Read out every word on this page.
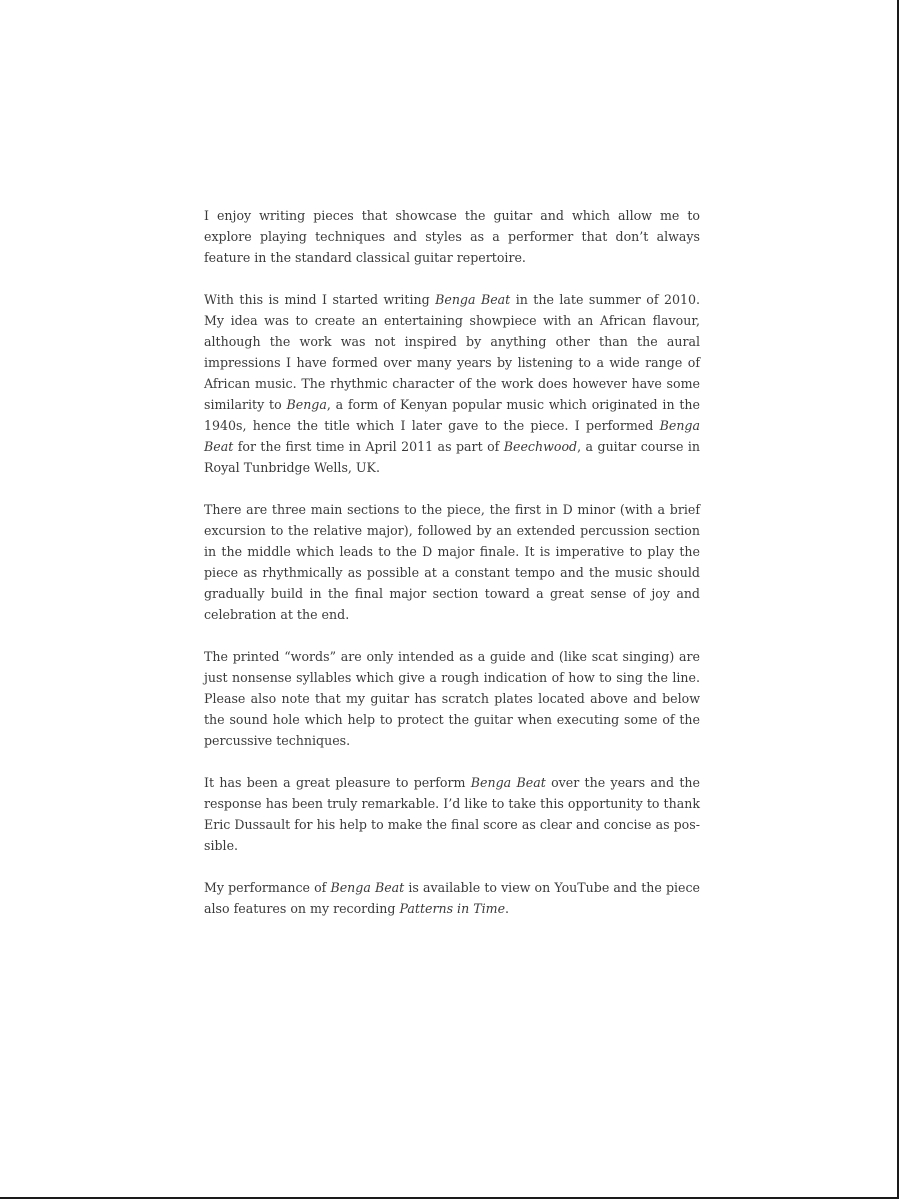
I enjoy writing pieces that showcase the guitar and which allow me to explore playing techniques and styles as a performer that don’t always feature in the standard classical guitar repertoire.

With this is mind I started writing Benga Beat in the late summer of 2010. My idea was to create an entertaining showpiece with an African flavour, although the work was not inspired by anything other than the aural impressions I have formed over many years by listening to a wide range of African music. The rhythmic character of the work does however have some similarity to Benga, a form of Kenyan popular music which originated in the 1940s, hence the title which I later gave to the piece. I performed Benga Beat for the first time in April 2011 as part of Beechwood, a guitar course in Royal Tunbridge Wells, UK.

There are three main sections to the piece, the first in D minor (with a brief excursion to the relative major), followed by an extended percussion section in the middle which leads to the D major finale. It is imperative to play the piece as rhythmically as possible at a constant tempo and the music should gradually build in the final major section toward a great sense of joy and celebration at the end.

The printed “words” are only intended as a guide and (like scat singing) are just nonsense syllables which give a rough indication of how to sing the line. Please also note that my guitar has scratch plates located above and below the sound hole which help to protect the guitar when executing some of the percussive techniques.

It has been a great pleasure to perform Benga Beat over the years and the response has been truly remarkable. I’d like to take this opportunity to thank Eric Dussault for his help to make the final score as clear and concise as possible.

My performance of Benga Beat is available to view on YouTube and the piece also features on my recording Patterns in Time.
